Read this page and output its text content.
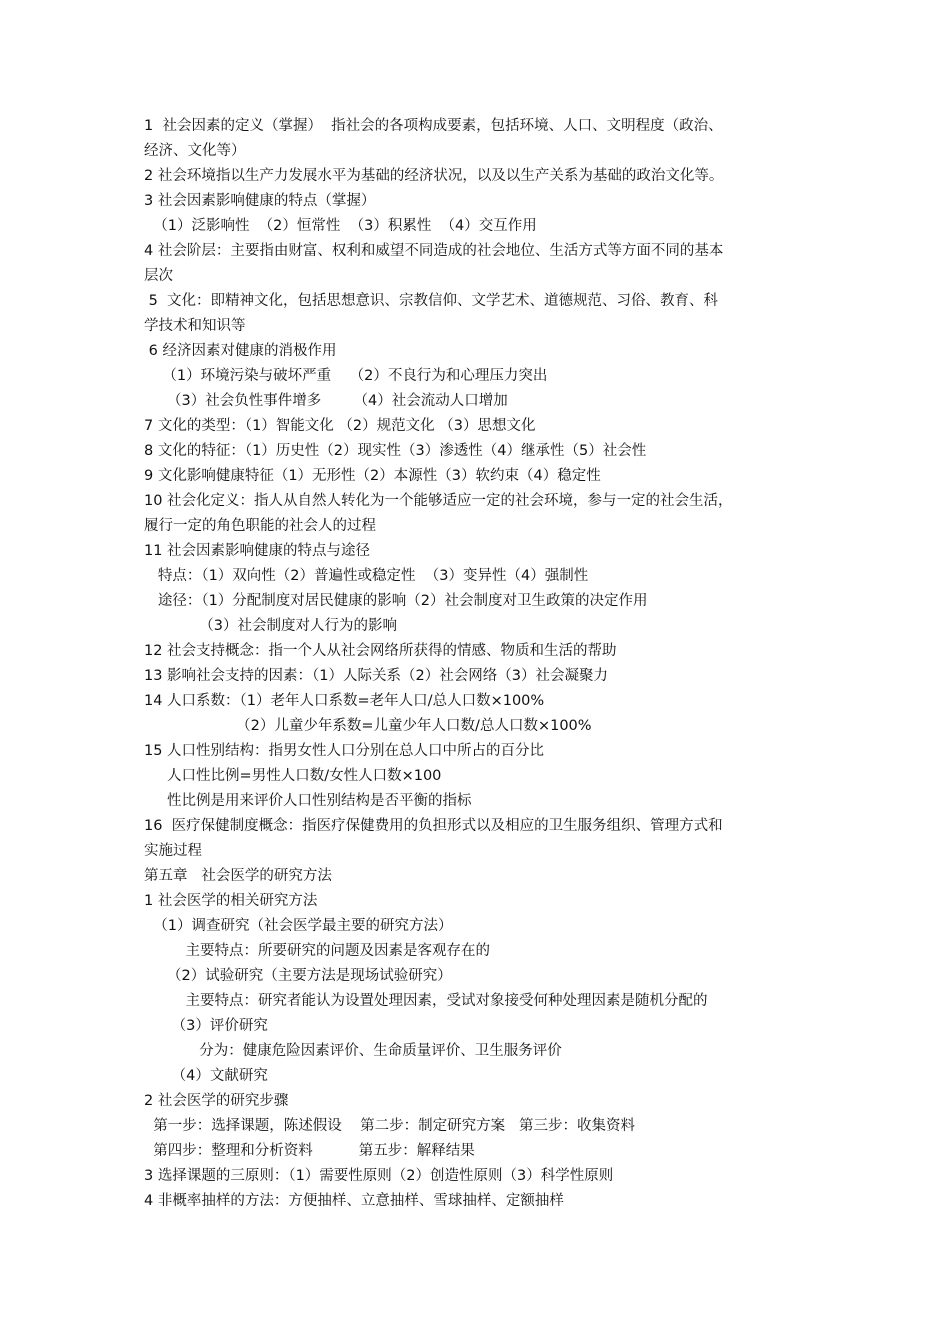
1  社会因素的定义（掌握）  指社会的各项构成要素，包括环境、人口、文明程度（政治、
经济、文化等）
2 社会环境指以生产力发展水平为基础的经济状况，以及以生产关系为基础的政治文化等。
3 社会因素影响健康的特点（掌握）
（1）泛影响性  （2）恒常性  （3）积累性  （4）交互作用
4 社会阶层：主要指由财富、权利和威望不同造成的社会地位、生活方式等方面不同的基本
层次
5  文化：即精神文化，包括思想意识、宗教信仰、文学艺术、道德规范、习俗、教育、科
学技术和知识等
6 经济因素对健康的消极作用
（1）环境污染与破坏严重    （2）不良行为和心理压力突出
（3）社会负性事件增多       （4）社会流动人口增加
7 文化的类型：（1）智能文化 （2）规范文化 （3）思想文化
8 文化的特征：（1）历史性（2）现实性（3）渗透性（4）继承性（5）社会性
9 文化影响健康特征（1）无形性（2）本源性（3）软约束（4）稳定性
10 社会化定义：指人从自然人转化为一个能够适应一定的社会环境，参与一定的社会生活，
履行一定的角色职能的社会人的过程
11 社会因素影响健康的特点与途径
特点：（1）双向性（2）普遍性或稳定性  （3）变异性（4）强制性
途径：（1）分配制度对居民健康的影响（2）社会制度对卫生政策的决定作用
（3）社会制度对人行为的影响
12 社会支持概念：指一个人从社会网络所获得的情感、物质和生活的帮助
13 影响社会支持的因素：（1）人际关系（2）社会网络（3）社会凝聚力
14 人口系数：（1）老年人口系数=老年人口/总人口数×100%
（2）儿童少年系数=儿童少年人口数/总人口数×100%
15 人口性别结构：指男女性人口分别在总人口中所占的百分比
人口性比例=男性人口数/女性人口数×100
性比例是用来评价人口性别结构是否平衡的指标
16  医疗保健制度概念：指医疗保健费用的负担形式以及相应的卫生服务组织、管理方式和
实施过程
第五章   社会医学的研究方法
1 社会医学的相关研究方法
（1）调查研究（社会医学最主要的研究方法）
主要特点：所要研究的问题及因素是客观存在的
（2）试验研究（主要方法是现场试验研究）
主要特点：研究者能认为设置处理因素，受试对象接受何种处理因素是随机分配的
（3）评价研究
分为：健康危险因素评价、生命质量评价、卫生服务评价
（4）文献研究
2 社会医学的研究步骤
第一步：选择课题，陈述假设    第二步：制定研究方案   第三步：收集资料
第四步：整理和分析资料          第五步：解释结果
3 选择课题的三原则：（1）需要性原则（2）创造性原则（3）科学性原则
4 非概率抽样的方法：方便抽样、立意抽样、雪球抽样、定额抽样
